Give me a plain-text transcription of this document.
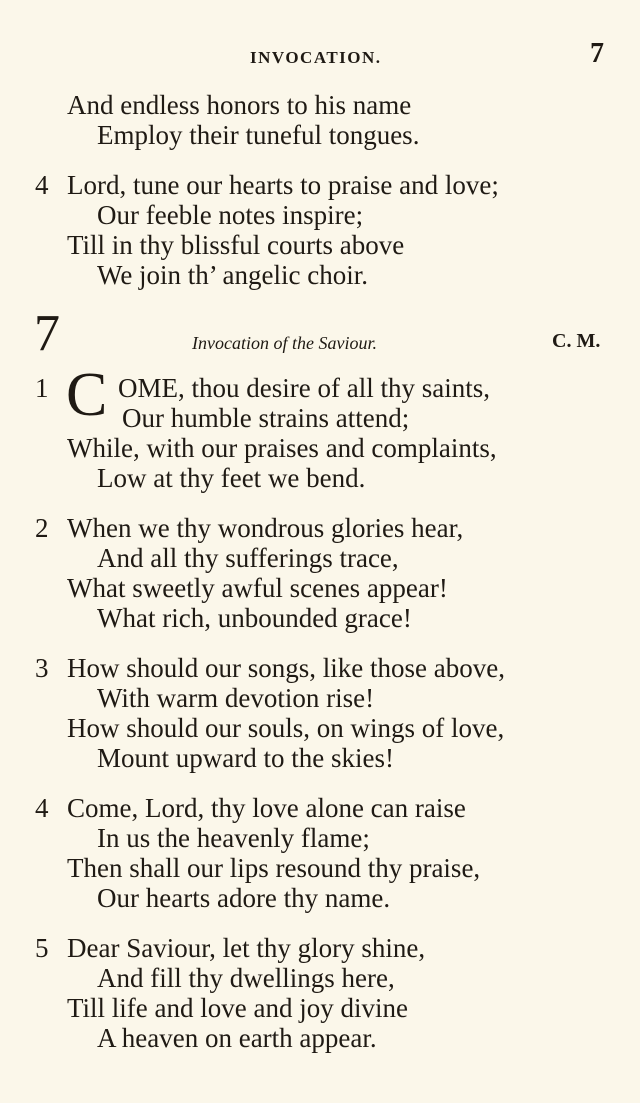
INVOCATION.	7
And endless honors to his name
Employ their tuneful tongues.
4 Lord, tune our hearts to praise and love;
Our feeble notes inspire;
Till in thy blissful courts above
We join th’ angelic choir.
7	Invocation of the Saviour.	C. M.
1 C OME, thou desire of all thy saints,
Our humble strains attend;
While, with our praises and complaints,
Low at thy feet we bend.
2 When we thy wondrous glories hear,
And all thy sufferings trace,
What sweetly awful scenes appear!
What rich, unbounded grace!
3 How should our songs, like those above,
With warm devotion rise!
How should our souls, on wings of love,
Mount upward to the skies!
4 Come, Lord, thy love alone can raise
In us the heavenly flame;
Then shall our lips resound thy praise,
Our hearts adore thy name.
5 Dear Saviour, let thy glory shine,
And fill thy dwellings here,
Till life and love and joy divine
A heaven on earth appear.
